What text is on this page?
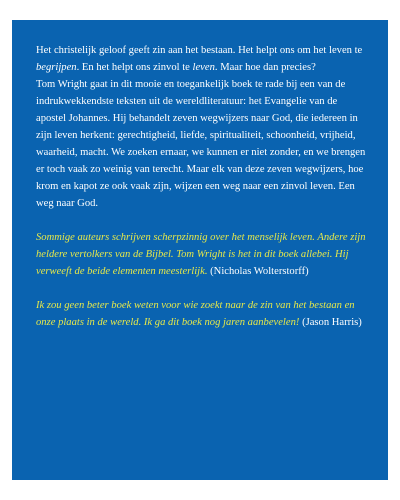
Het christelijk geloof geeft zin aan het bestaan. Het helpt ons om het leven te begrijpen. En het helpt ons zinvol te leven. Maar hoe dan precies?

Tom Wright gaat in dit mooie en toegankelijk boek te rade bij een van de indrukwekkendste teksten uit de wereldliteratuur: het Evangelie van de apostel Johannes. Hij behandelt zeven wegwijzers naar God, die iedereen in zijn leven herkent: gerechtigheid, liefde, spiritualiteit, schoonheid, vrijheid, waarheid, macht. We zoeken ernaar, we kunnen er niet zonder, en we brengen er toch vaak zo weinig van terecht. Maar elk van deze zeven wegwijzers, hoe krom en kapot ze ook vaak zijn, wijzen een weg naar een zinvol leven. Een weg naar God.

Sommige auteurs schrijven scherpzinnig over het menselijk leven. Andere zijn heldere vertolkers van de Bijbel. Tom Wright is het in dit boek allebei. Hij verweeft de beide elementen meesterlijk. (Nicholas Wolterstorff)

Ik zou geen beter boek weten voor wie zoekt naar de zin van het bestaan en onze plaats in de wereld. Ik ga dit boek nog jaren aanbevelen! (Jason Harris)
